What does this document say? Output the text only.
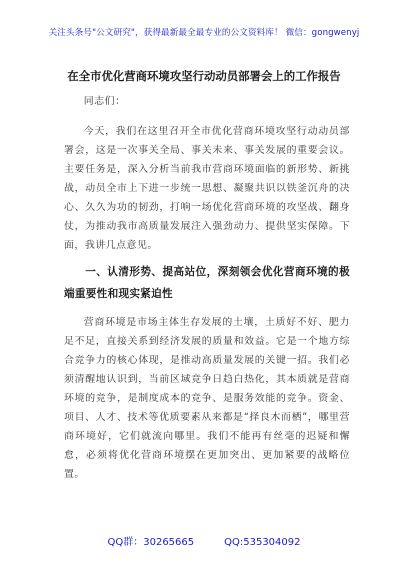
关注头条号"公文研究"，获得最新最全最专业的公文资料库！ 微信：gongwenyj
在全市优化营商环境攻坚行动动员部署会上的工作报告

同志们：

今天，我们在这里召开全市优化营商环境攻坚行动动员部署会，这是一次事关全局、事关未来、事关发展的重要会议。主要任务是，深入分析当前我市营商环境面临的新形势、新挑战，动员全市上下进一步统一思想、凝聚共识以铁釜沉舟的决心、久久为功的韧劲，打响一场优化营商环境的攻坚战、翻身仗，为推动我市高质量发展注入强劲动力、提供坚实保障。下面，我讲几点意见。

一、认清形势、提高站位，深刻领会优化营商环境的极端重要性和现实紧迫性

营商环境是市场主体生存发展的土壤，土质好不好、肥力足不足，直接关系到经济发展的质量和效益。它是一个地方综合竞争力的核心体现，是推动高质量发展的关键一招。我们必须清醒地认识到，当前区域竞争日趋白热化，其本质就是营商环境的竞争，是制度成本的竞争、是服务效能的竞争。资金、项目、人才、技术等优质要素从来都是“择良木而栖”，哪里营商环境好，它们就流向哪里。我们不能再有丝毫的迟疑和懈怠，必须将优化营商环境摆在更加突出、更加紧要的战略位置。

QQ群：30265665	QQ:535304092
